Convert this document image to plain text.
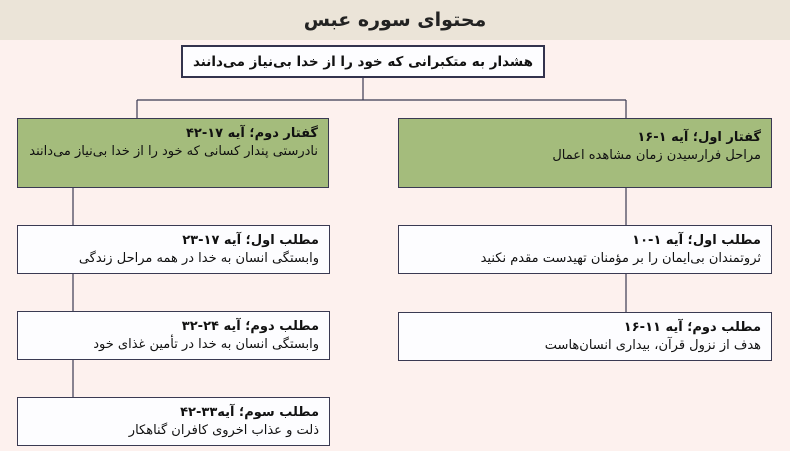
محتوای سوره عبس
هشدار به متکبرانی که خود را از خدا بی‌نیاز می‌دانند
گفتار اول؛ آیه ۱-۱۶
مراحل فرارسیدن زمان مشاهده اعمال
مطلب اول؛ آیه ۱-۱۰
ثروتمندان بی‌ایمان را بر مؤمنان تهیدست مقدم نکنید
مطلب دوم؛ آیه ۱۱-۱۶
هدف از نزول قرآن، بیداری انسان‌هاست
گفتار دوم؛ آیه ۱۷-۴۲
نادرستی پندار کسانی که خود را از خدا بی‌نیاز می‌دانند
مطلب اول؛ آیه ۱۷-۲۳
وابستگی انسان به خدا در همه مراحل زندگی
مطلب دوم؛ آیه ۲۴-۳۲
وابستگی انسان به خدا در تأمین غذای خود
مطلب سوم؛ آیه۳۳-۴۲
ذلت و عذاب اخروی کافران گناهکار
